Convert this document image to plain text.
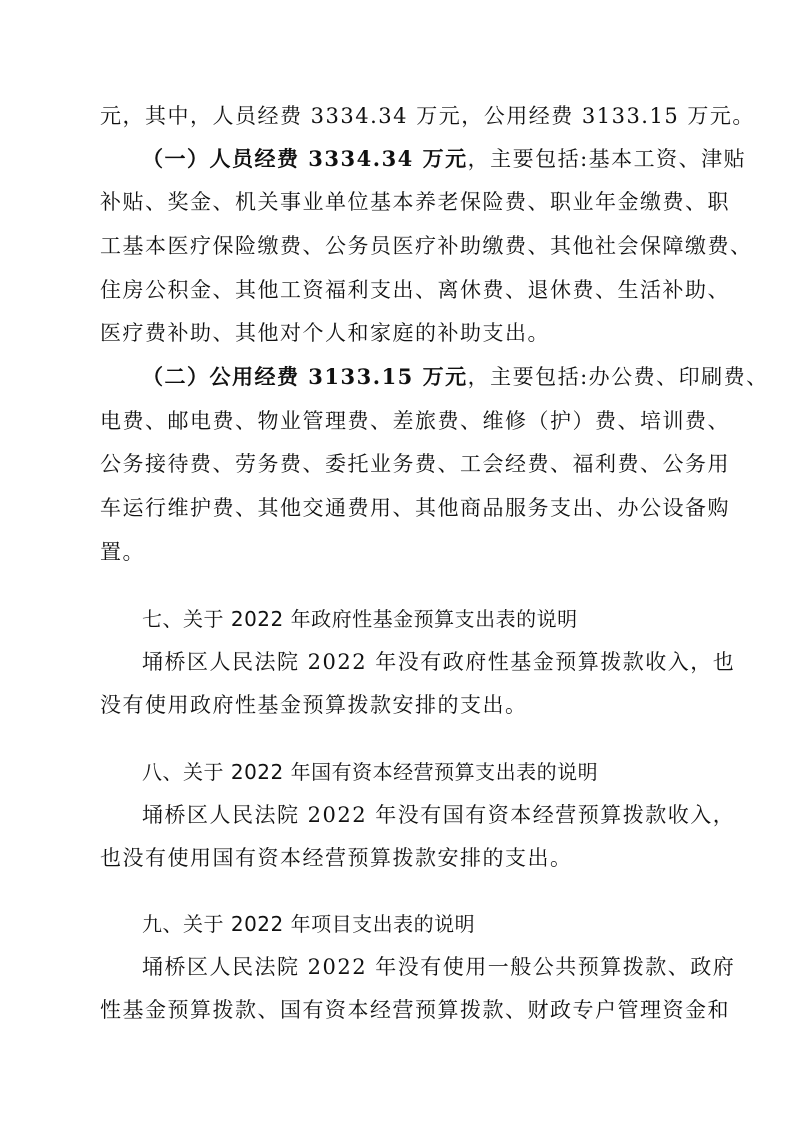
元，其中，人员经费 3334.34 万元，公用经费 3133.15 万元。
（一）人员经费 3334.34 万元，主要包括:基本工资、津贴
补贴、奖金、机关事业单位基本养老保险费、职业年金缴费、职
工基本医疗保险缴费、公务员医疗补助缴费、其他社会保障缴费、
住房公积金、其他工资福利支出、离休费、退休费、生活补助、
医疗费补助、其他对个人和家庭的补助支出。
（二）公用经费 3133.15 万元，主要包括:办公费、印刷费、
电费、邮电费、物业管理费、差旅费、维修（护）费、培训费、
公务接待费、劳务费、委托业务费、工会经费、福利费、公务用
车运行维护费、其他交通费用、其他商品服务支出、办公设备购
置。
七、关于 2022 年政府性基金预算支出表的说明
埇桥区人民法院 2022 年没有政府性基金预算拨款收入，也
没有使用政府性基金预算拨款安排的支出。
八、关于 2022 年国有资本经营预算支出表的说明
埇桥区人民法院 2022 年没有国有资本经营预算拨款收入，
也没有使用国有资本经营预算拨款安排的支出。
九、关于 2022 年项目支出表的说明
埇桥区人民法院 2022 年没有使用一般公共预算拨款、政府
性基金预算拨款、国有资本经营预算拨款、财政专户管理资金和
